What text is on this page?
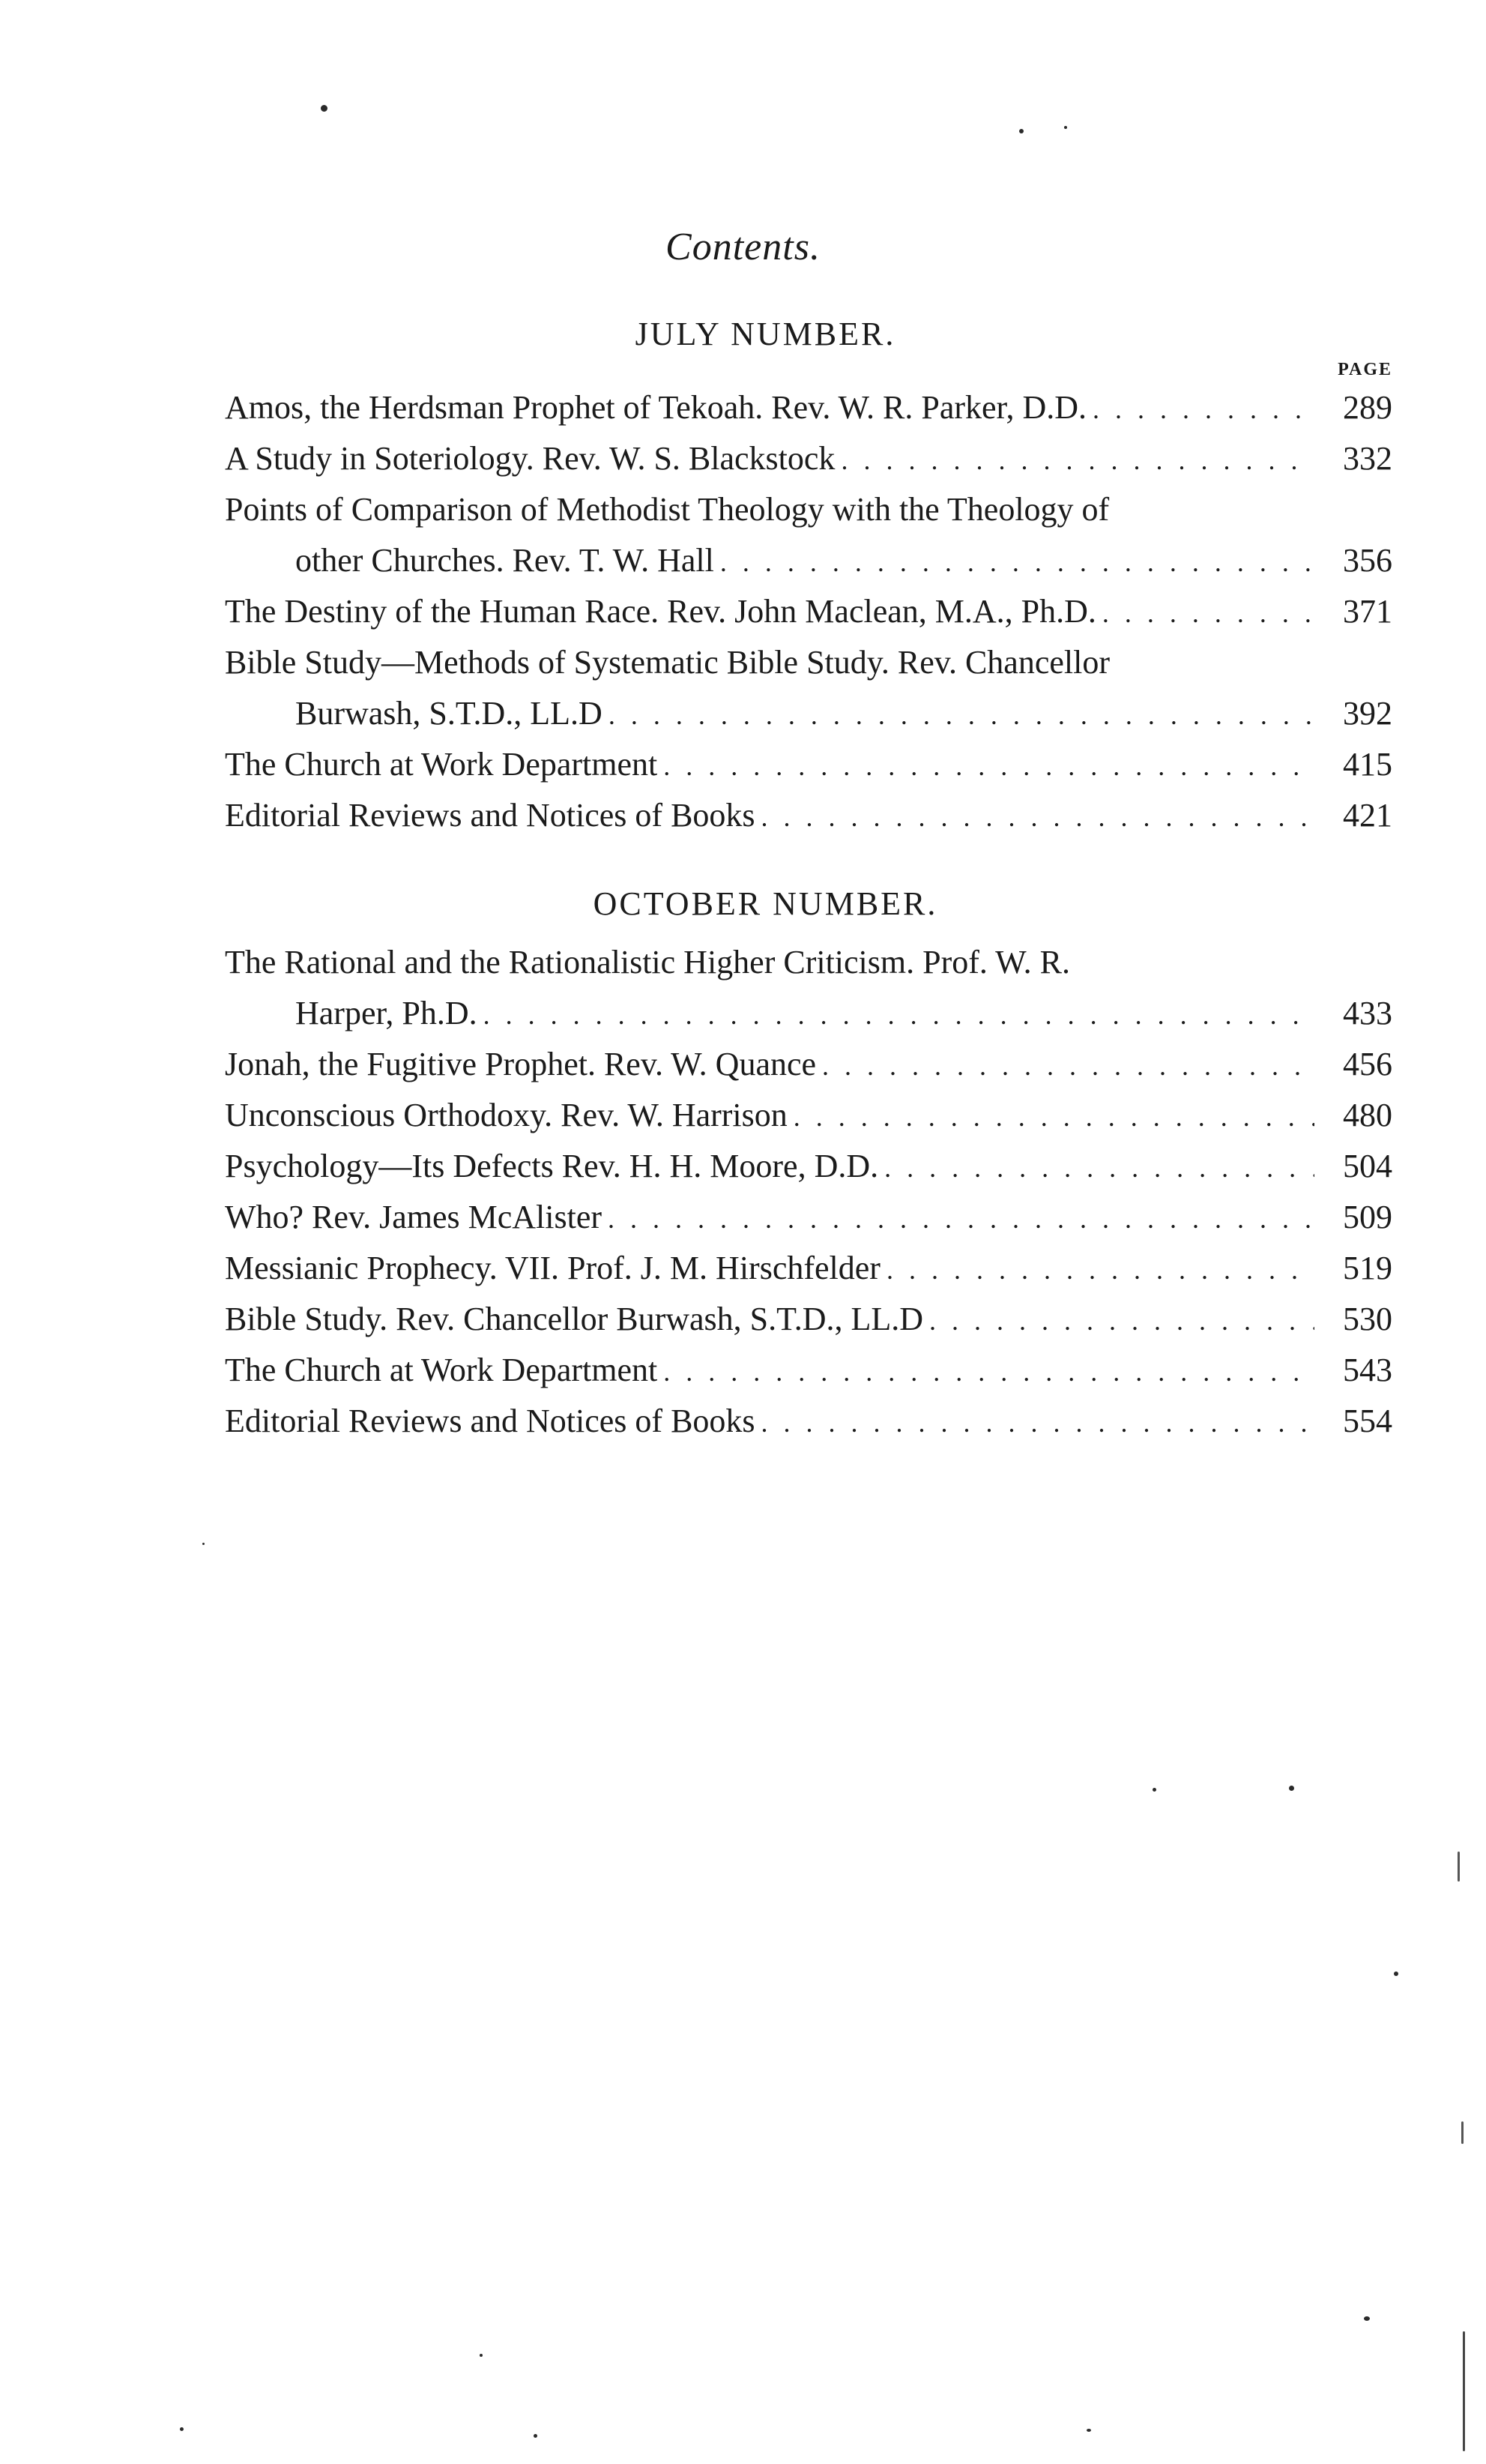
Contents.
JULY NUMBER.
PAGE
Amos, the Herdsman Prophet of Tekoah. Rev. W. R. Parker, D.D. . . .	289
A Study in Soteriology. Rev. W. S. Blackstock . . .	332
Points of Comparison of Methodist Theology with the Theology of
other Churches. Rev. T. W. Hall . . .	356
The Destiny of the Human Race. Rev. John Maclean, M.A., Ph.D. . . .	371
Bible Study—Methods of Systematic Bible Study. Rev. Chancellor
Burwash, S.T.D., LL.D . . .	392
The Church at Work Department . . .	415
Editorial Reviews and Notices of Books . . .	421
OCTOBER NUMBER.
The Rational and the Rationalistic Higher Criticism. Prof. W. R.
Harper, Ph.D. . . .	433
Jonah, the Fugitive Prophet. Rev. W. Quance . . .	456
Unconscious Orthodoxy. Rev. W. Harrison . . .	480
Psychology—Its Defects Rev. H. H. Moore, D.D. . . .	504
Who? Rev. James McAlister . . .	509
Messianic Prophecy. VII. Prof. J. M. Hirschfelder . . .	519
Bible Study. Rev. Chancellor Burwash, S.T.D., LL.D . . .	530
The Church at Work Department . . .	543
Editorial Reviews and Notices of Books . . .	554
